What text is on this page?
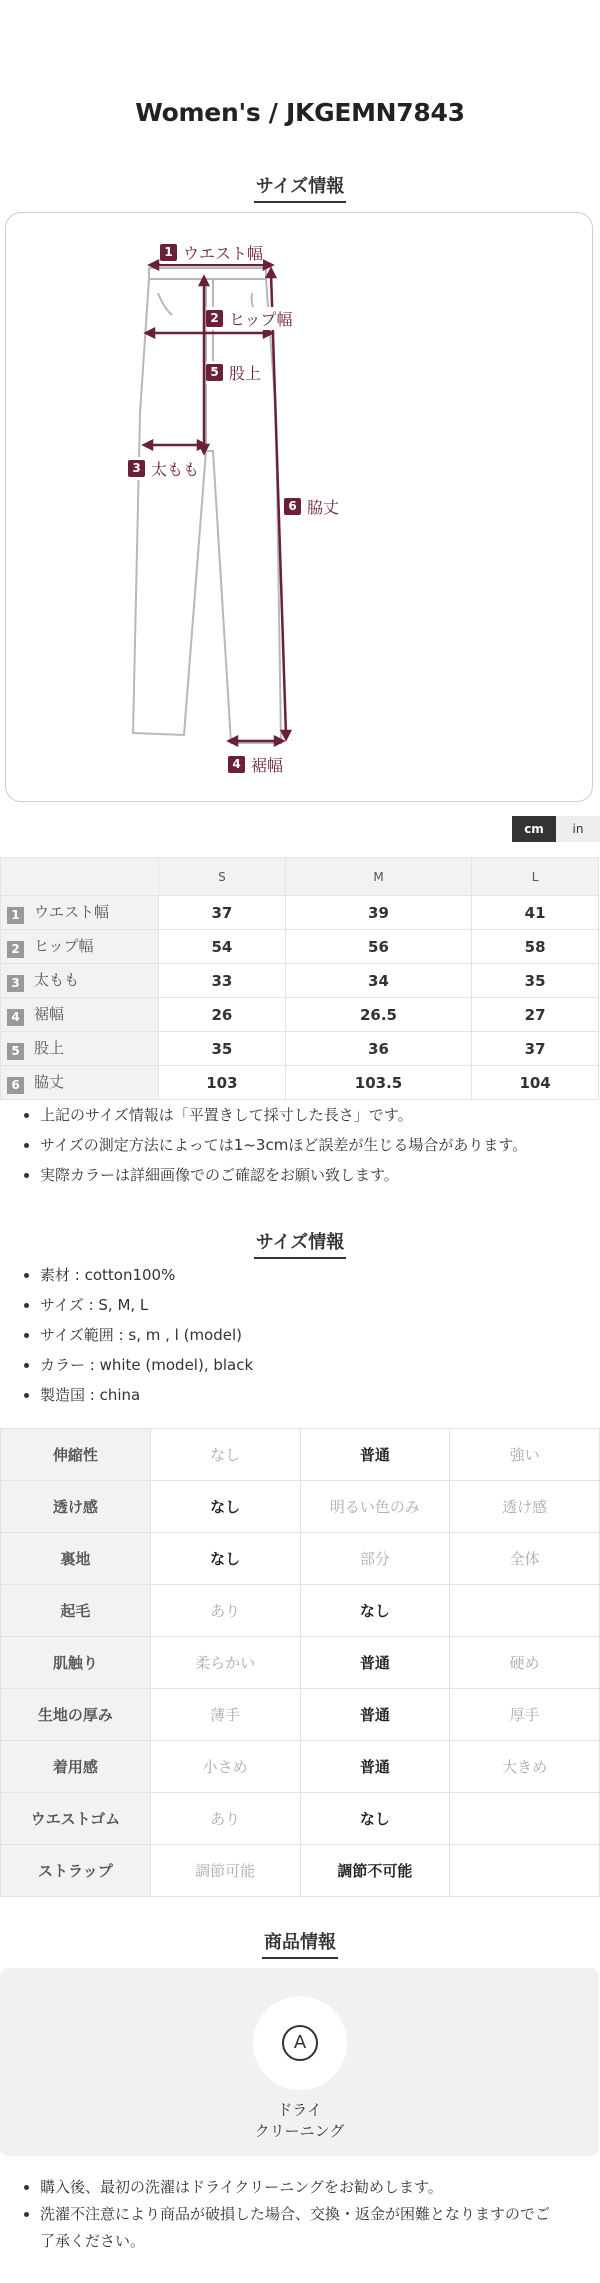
Women's / JKGEMN7843
サイズ情報
1 ウエスト幅
2 ヒップ幅
5 股上
3 太もも
6 脇丈
4 裾幅
cm	in
	S	M	L
1 ウエスト幅	37	39	41
2 ヒップ幅	54	56	58
3 太もも	33	34	35
4 裾幅	26	26.5	27
5 股上	35	36	37
6 脇丈	103	103.5	104
• 上記のサイズ情報は「平置きして採寸した長さ」です。
• サイズの測定方法によっては1~3cmほど誤差が生じる場合があります。
• 実際カラーは詳細画像でのご確認をお願い致します。
サイズ情報
• 素材 : cotton100%
• サイズ : S, M, L
• サイズ範囲 : s, m , l (model)
• カラー : white (model), black
• 製造国 : china
伸縮性	なし	普通	強い
透け感	なし	明るい色のみ	透け感
裏地	なし	部分	全体
起毛	あり	なし	
肌触り	柔らかい	普通	硬め
生地の厚み	薄手	普通	厚手
着用感	小さめ	普通	大きめ
ウエストゴム	あり	なし	
ストラップ	調節可能	調節不可能	
商品情報
A
ドライ
クリーニング
• 購入後、最初の洗濯はドライクリーニングをお勧めします。
• 洗濯不注意により商品が破損した場合、交換・返金が困難となりますのでご了承ください。
